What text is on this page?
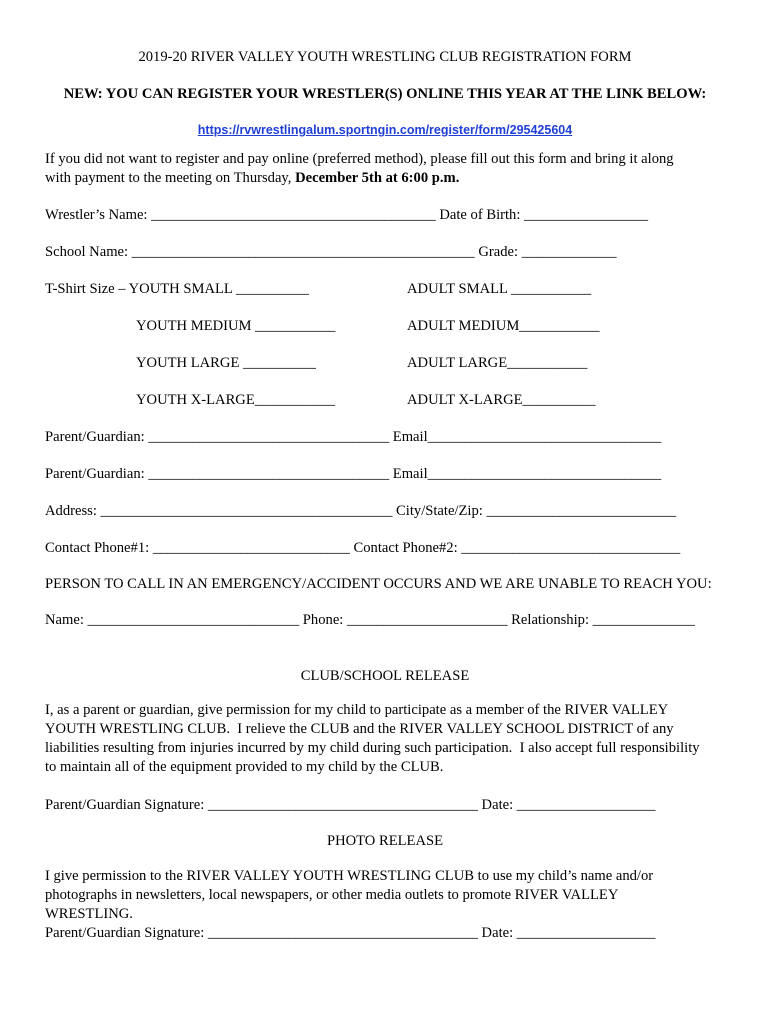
2019-20 RIVER VALLEY YOUTH WRESTLING CLUB REGISTRATION FORM
NEW: YOU CAN REGISTER YOUR WRESTLER(S) ONLINE THIS YEAR AT THE LINK BELOW:
https://rvwrestlingalum.sportngin.com/register/form/295425604
If you did not want to register and pay online (preferred method), please fill out this form and bring it along
with payment to the meeting on Thursday, December 5th at 6:00 p.m.
Wrestler’s Name: _______________________________________ Date of Birth: _________________
School Name: _______________________________________________ Grade: _____________
T-Shirt Size – YOUTH SMALL __________	ADULT SMALL ___________
YOUTH MEDIUM ___________	ADULT MEDIUM___________
YOUTH LARGE __________	ADULT LARGE___________
YOUTH X-LARGE___________	ADULT X-LARGE__________
Parent/Guardian: _________________________________ Email________________________________
Parent/Guardian: _________________________________ Email________________________________
Address: ________________________________________ City/State/Zip: __________________________
Contact Phone#1: ___________________________ Contact Phone#2: ______________________________
PERSON TO CALL IN AN EMERGENCY/ACCIDENT OCCURS AND WE ARE UNABLE TO REACH YOU:
Name: _____________________________ Phone: ______________________ Relationship: ______________
CLUB/SCHOOL RELEASE
I, as a parent or guardian, give permission for my child to participate as a member of the RIVER VALLEY
YOUTH WRESTLING CLUB.  I relieve the CLUB and the RIVER VALLEY SCHOOL DISTRICT of any
liabilities resulting from injuries incurred by my child during such participation.  I also accept full responsibility
to maintain all of the equipment provided to my child by the CLUB.
Parent/Guardian Signature: _____________________________________ Date: ___________________
PHOTO RELEASE
I give permission to the RIVER VALLEY YOUTH WRESTLING CLUB to use my child’s name and/or
photographs in newsletters, local newspapers, or other media outlets to promote RIVER VALLEY
WRESTLING.
Parent/Guardian Signature: _____________________________________ Date: ___________________
